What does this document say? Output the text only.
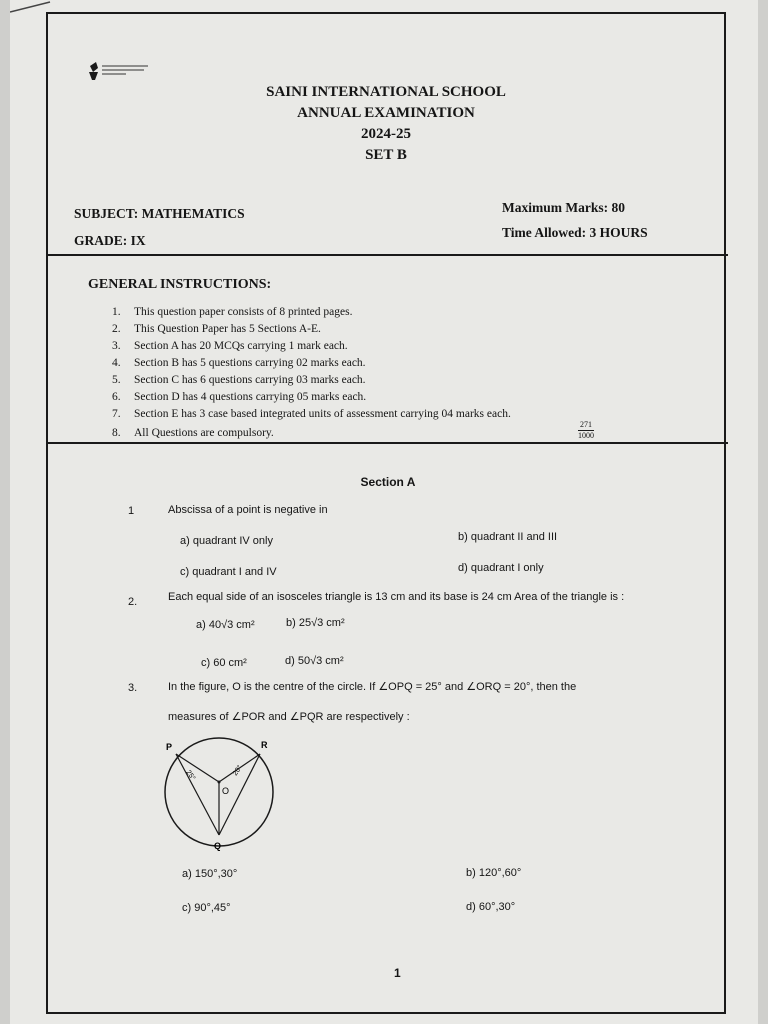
SAINI INTERNATIONAL SCHOOL
ANNUAL EXAMINATION
2024-25
SET B
SUBJECT: MATHEMATICS
GRADE: IX
Maximum Marks: 80
Time Allowed: 3 HOURS
GENERAL INSTRUCTIONS:
1. This question paper consists of 8 printed pages.
2. This Question Paper has 5 Sections A-E.
3. Section A has 20 MCQs carrying 1 mark each.
4. Section B has 5 questions carrying 02 marks each.
5. Section C has 6 questions carrying 03 marks each.
6. Section D has 4 questions carrying 05 marks each.
7. Section E has 3 case based integrated units of assessment carrying 04 marks each.
8. All Questions are compulsory.	$\frac{271}{1000}$
Section A
1	Abscissa of a point is negative in
a) quadrant IV only	b) quadrant II and III
c) quadrant I and IV	d) quadrant I only
2.	Each equal side of an isosceles triangle is 13 cm and its base is 24 cm Area of the triangle is :
a) 40√3 cm²	b) 25√3 cm²
c) 60 cm²	d) 50√3 cm²
3.	In the figure, O is the centre of the circle. If ∠OPQ = 25° and ∠ORQ = 20°, then the
measures of ∠POR and ∠PQR are respectively :
P	R
O
Q
25°	20°
a) 150°,30°	b) 120°,60°
c) 90°,45°	d) 60°,30°
1
